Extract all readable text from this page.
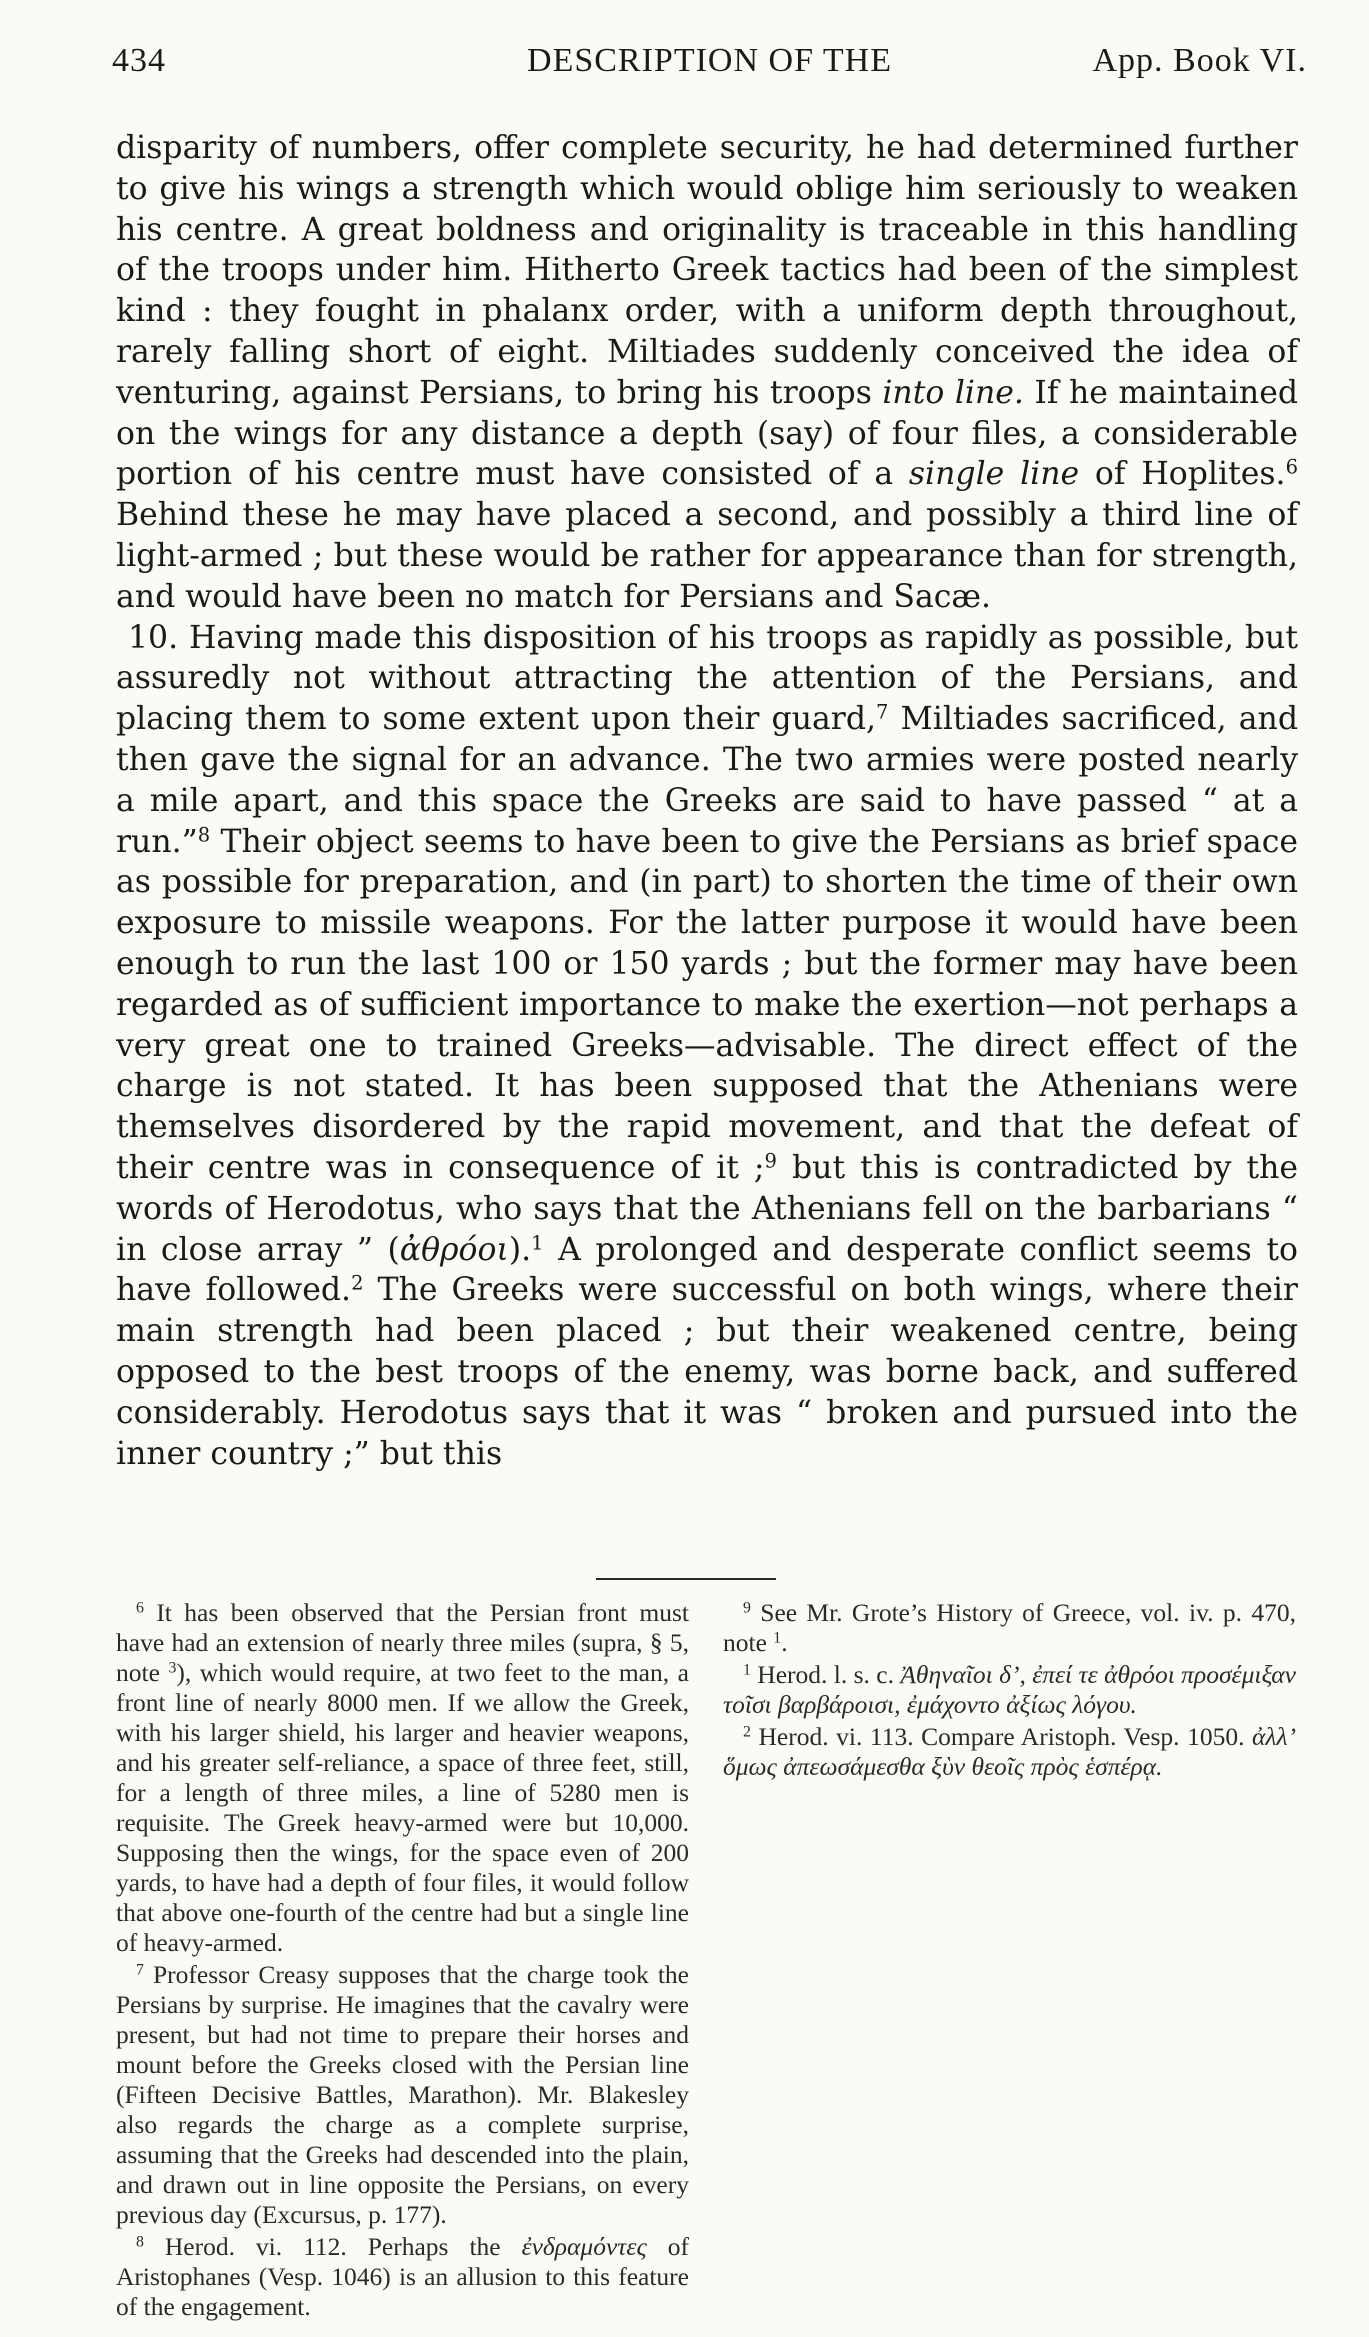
434	DESCRIPTION OF THE	App. Book VI.

disparity of numbers, offer complete security, he had determined further to give his wings a strength which would oblige him seriously to weaken his centre. A great boldness and originality is traceable in this handling of the troops under him. Hitherto Greek tactics had been of the simplest kind : they fought in phalanx order, with a uniform depth throughout, rarely falling short of eight. Miltiades suddenly conceived the idea of venturing, against Persians, to bring his troops into line. If he maintained on the wings for any distance a depth (say) of four files, a considerable portion of his centre must have consisted of a single line of Hoplites.$^6$ Behind these he may have placed a second, and possibly a third line of light-armed ; but these would be rather for appearance than for strength, and would have been no match for Persians and Sacæ.

10. Having made this disposition of his troops as rapidly as possible, but assuredly not without attracting the attention of the Persians, and placing them to some extent upon their guard,$^7$ Miltiades sacrificed, and then gave the signal for an advance. The two armies were posted nearly a mile apart, and this space the Greeks are said to have passed “ at a run.”$^8$ Their object seems to have been to give the Persians as brief space as possible for preparation, and (in part) to shorten the time of their own exposure to missile weapons. For the latter purpose it would have been enough to run the last 100 or 150 yards ; but the former may have been regarded as of sufficient importance to make the exertion—not perhaps a very great one to trained Greeks—advisable. The direct effect of the charge is not stated. It has been supposed that the Athenians were themselves disordered by the rapid movement, and that the defeat of their centre was in consequence of it ;$^9$ but this is contradicted by the words of Herodotus, who says that the Athenians fell on the barbarians “ in close array ” (ἀθρόοι).$^1$ A prolonged and desperate conflict seems to have followed.$^2$ The Greeks were successful on both wings, where their main strength had been placed ; but their weakened centre, being opposed to the best troops of the enemy, was borne back, and suffered considerably. Herodotus says that it was “ broken and pursued into the inner country ;” but this

$^6$ It has been observed that the Persian front must have had an extension of nearly three miles (supra, § 5, note $^3$), which would require, at two feet to the man, a front line of nearly 8000 men. If we allow the Greek, with his larger shield, his larger and heavier weapons, and his greater self-reliance, a space of three feet, still, for a length of three miles, a line of 5280 men is requisite. The Greek heavy-armed were but 10,000. Supposing then the wings, for the space even of 200 yards, to have had a depth of four files, it would follow that above one-fourth of the centre had but a single line of heavy-armed.

$^7$ Professor Creasy supposes that the charge took the Persians by surprise. He imagines that the cavalry were present, but had not time to prepare their horses and mount before the Greeks closed with the Persian line (Fifteen Decisive Battles, Marathon). Mr. Blakesley also regards the charge as a complete surprise, assuming that the Greeks had descended into the plain, and drawn out in line opposite the Persians, on every previous day (Excursus, p. 177).

$^8$ Herod. vi. 112. Perhaps the ἐνδραμόντες of Aristophanes (Vesp. 1046) is an allusion to this feature of the engagement.

$^9$ See Mr. Grote’s History of Greece, vol. iv. p. 470, note $^1$.

$^1$ Herod. l. s. c. Ἀθηναῖοι δ’, ἐπεί τε ἀθρόοι προσέμιξαν τοῖσι βαρβάροισι, ἐμάχοντο ἀξίως λόγου.

$^2$ Herod. vi. 113. Compare Aristoph. Vesp. 1050. ἀλλ’ ὅμως ἀπεωσάμεσθα ξὺν θεοῖς πρὸς ἑσπέρᾳ.
